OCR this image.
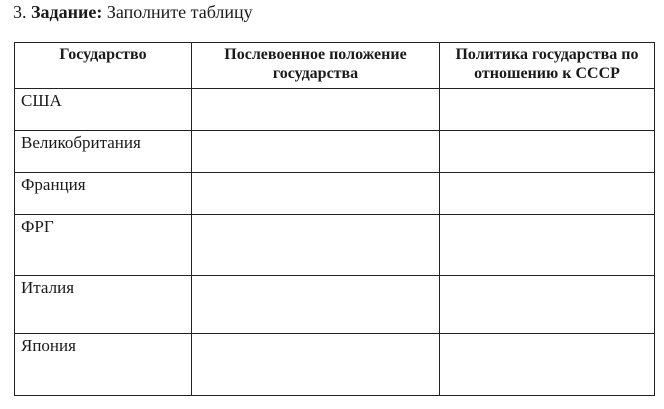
3. Задание: Заполните таблицу
Государство	Послевоенное положение государства	Политика государства по отношению к СССР
США		
Великобритания		
Франция		
ФРГ		
Италия		
Япония		
